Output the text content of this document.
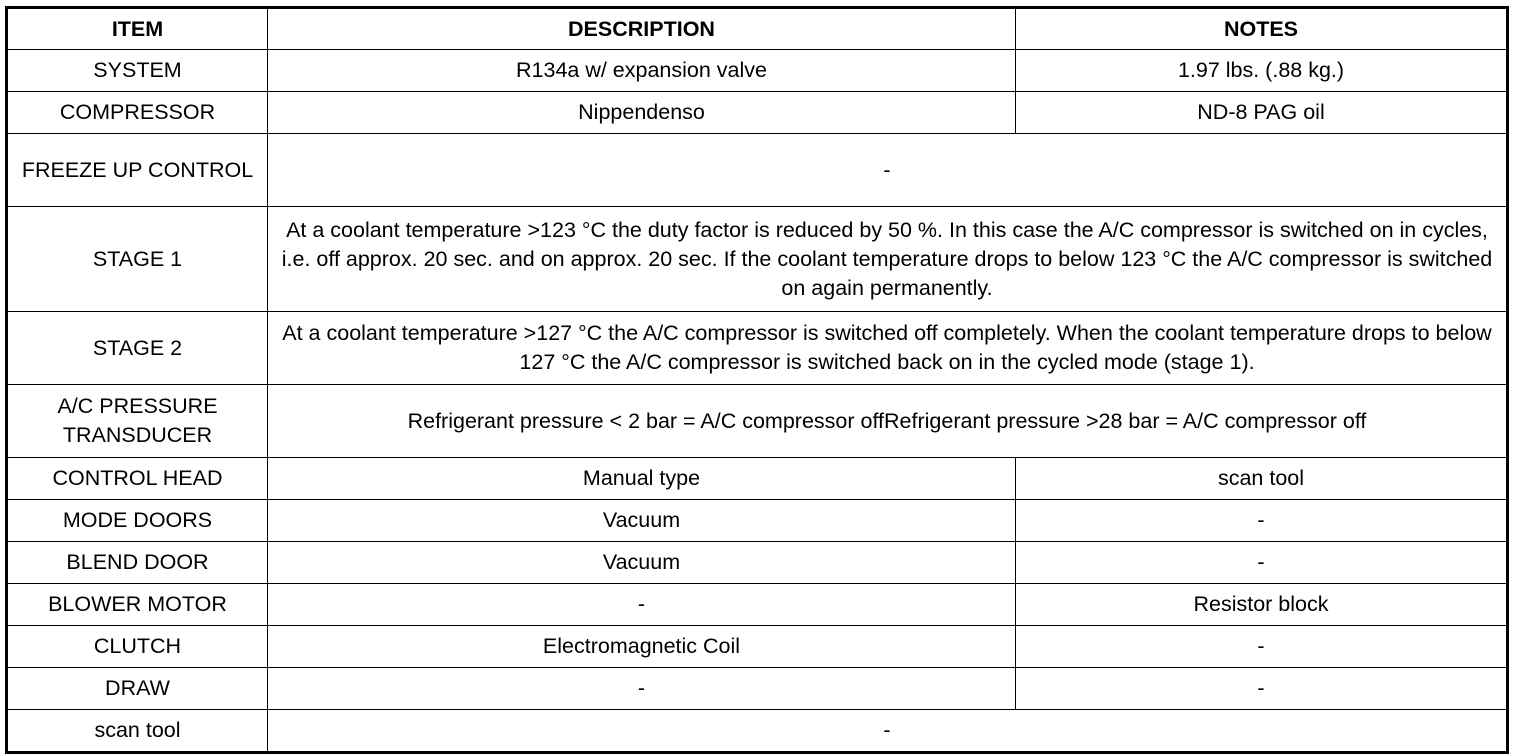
ITEM	DESCRIPTION	NOTES
SYSTEM	R134a w/ expansion valve	1.97 lbs. (.88 kg.)
COMPRESSOR	Nippendenso	ND-8 PAG oil
FREEZE UP CONTROL	-	
STAGE 1	At a coolant temperature >123 °C the duty factor is reduced by 50 %. In this case the A/C compressor is switched on in cycles, i.e. off approx. 20 sec. and on approx. 20 sec. If the coolant temperature drops to below 123 °C the A/C compressor is switched on again permanently.	
STAGE 2	At a coolant temperature >127 °C the A/C compressor is switched off completely. When the coolant temperature drops to below 127 °C the A/C compressor is switched back on in the cycled mode (stage 1).	
A/C PRESSURE TRANSDUCER	Refrigerant pressure < 2 bar = A/C compressor offRefrigerant pressure >28 bar = A/C compressor off	
CONTROL HEAD	Manual type	scan tool
MODE DOORS	Vacuum	-
BLEND DOOR	Vacuum	-
BLOWER MOTOR	-	Resistor block
CLUTCH	Electromagnetic Coil	-
DRAW	-	-
scan tool	-	
